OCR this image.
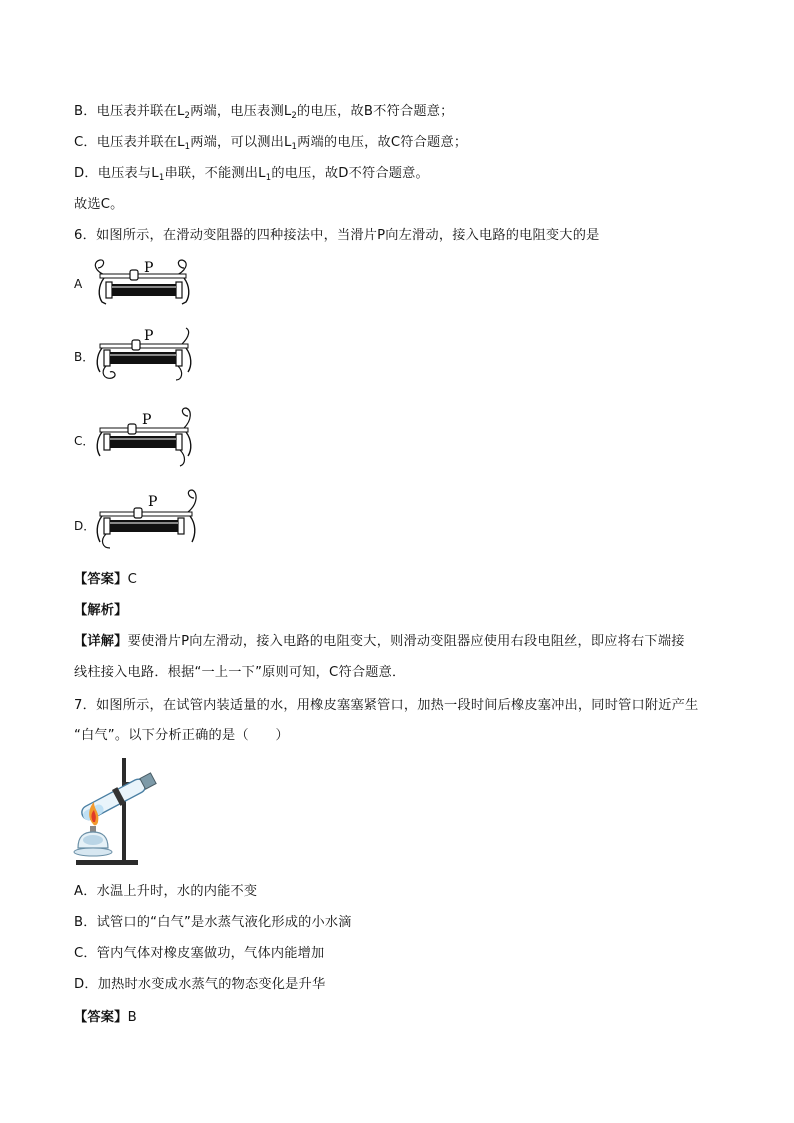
B．电压表并联在$L_2$两端，电压表测$L_2$的电压，故B不符合题意；
C．电压表并联在$L_1$两端，可以测出$L_1$两端的电压，故C符合题意；
D．电压表与$L_1$串联，不能测出$L_1$的电压，故D不符合题意。
故选C。
6．如图所示，在滑动变阻器的四种接法中，当滑片P向左滑动，接入电路的电阻变大的是
A
P
B．
P
C．
P
D．
P
【答案】C
【解析】
【详解】要使滑片P向左滑动，接入电路的电阻变大，则滑动变阻器应使用右段电阻丝，即应将右下端接
线柱接入电路．根据“一上一下”原则可知，C符合题意．
7．如图所示，在试管内装适量的水，用橡皮塞塞紧管口，加热一段时间后橡皮塞冲出，同时管口附近产生
“白气”。以下分析正确的是（　　）
A．水温上升时，水的内能不变
B．试管口的“白气”是水蒸气液化形成的小水滴
C．管内气体对橡皮塞做功，气体内能增加
D．加热时水变成水蒸气的物态变化是升华
【答案】B
